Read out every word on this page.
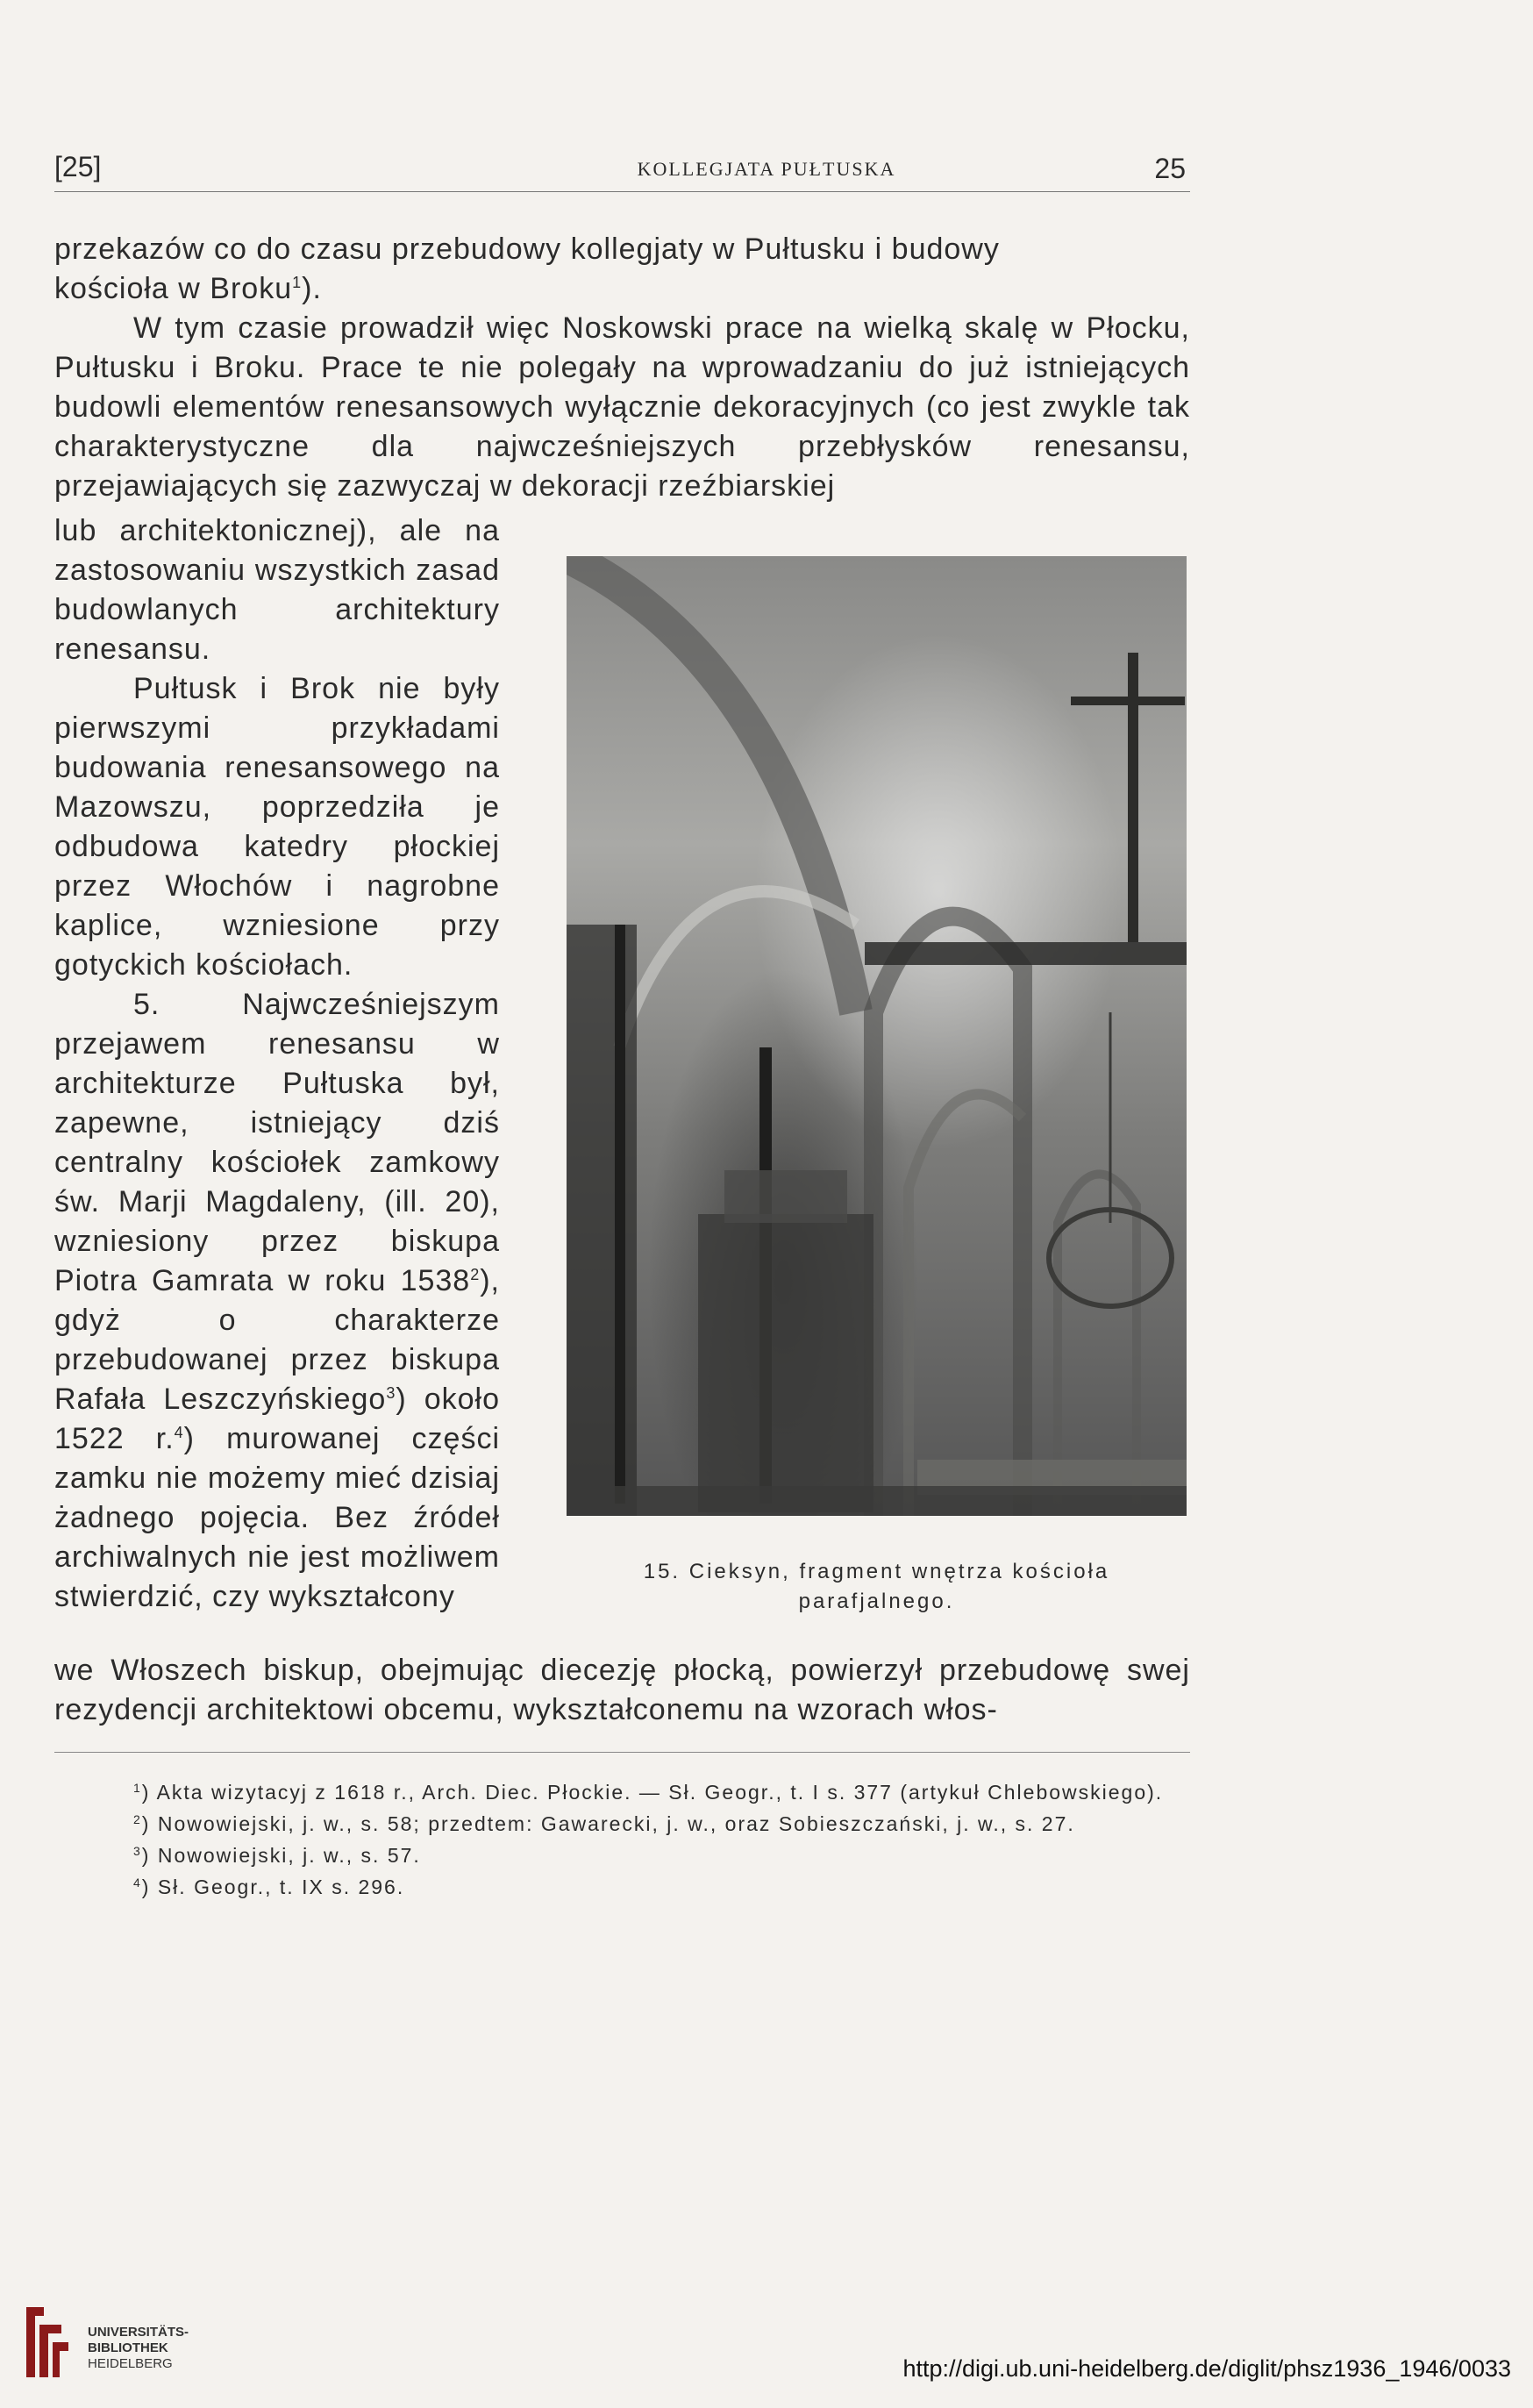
[25]	KOLLEGJATA PUŁTUSKA	25

przekazów co do czasu przebudowy kollegjaty w Pułtusku i budowy

kościoła w Broku$^1$).

W tym czasie prowadził więc Noskowski prace na wielką skalę w Płocku, Pułtusku i Broku. Prace te nie polegały na wprowadzaniu do już istniejących budowli elementów renesansowych wyłącznie dekoracyjnych (co jest zwykle tak charakterystyczne dla najwcześniejszych przebłysków renesansu, przejawiających się zazwyczaj w dekoracji rzeźbiarskiej

lub architektonicznej), ale na zastosowaniu wszystkich zasad budowlanych architektury renesansu.

Pułtusk i Brok nie były pierwszymi przykładami budowania renesansowego na Mazowszu, poprzedziła je odbudowa katedry płockiej przez Włochów i nagrobne kaplice, wzniesione przy gotyckich kościołach.

5. Najwcześniejszym przejawem renesansu w architekturze Pułtuska był, zapewne, istniejący dziś centralny kościołek zamkowy św. Marji Magdaleny, (ill. 20), wzniesiony przez biskupa Piotra Gamrata w roku 1538$^2$), gdyż o charakterze przebudowanej przez biskupa Rafała Leszczyńskiego$^3$) około 1522 r.$^4$) murowanej części zamku nie możemy mieć dzisiaj żadnego pojęcia. Bez źródeł archiwalnych nie jest możliwem stwierdzić, czy wykształcony

we Włoszech biskup, obejmując diecezję płocką, powierzył przebudowę swej rezydencji architektowi obcemu, wykształconemu na wzorach włos-

15. Cieksyn, fragment wnętrza kościoła
parafjalnego.

$^1$) Akta wizytacyj z 1618 r., Arch. Diec. Płockie. — Sł. Geogr., t. I s. 377 (artykuł Chlebowskiego).

$^2$) Nowowiejski, j. w., s. 58; przedtem: Gawarecki, j. w., oraz Sobieszczański, j. w., s. 27.

$^3$) Nowowiejski, j. w., s. 57.

$^4$) Sł. Geogr., t. IX s. 296.

UNIVERSITÄTS-
BIBLIOTHEK
HEIDELBERG	http://digi.ub.uni-heidelberg.de/diglit/phsz1936_1946/0033
